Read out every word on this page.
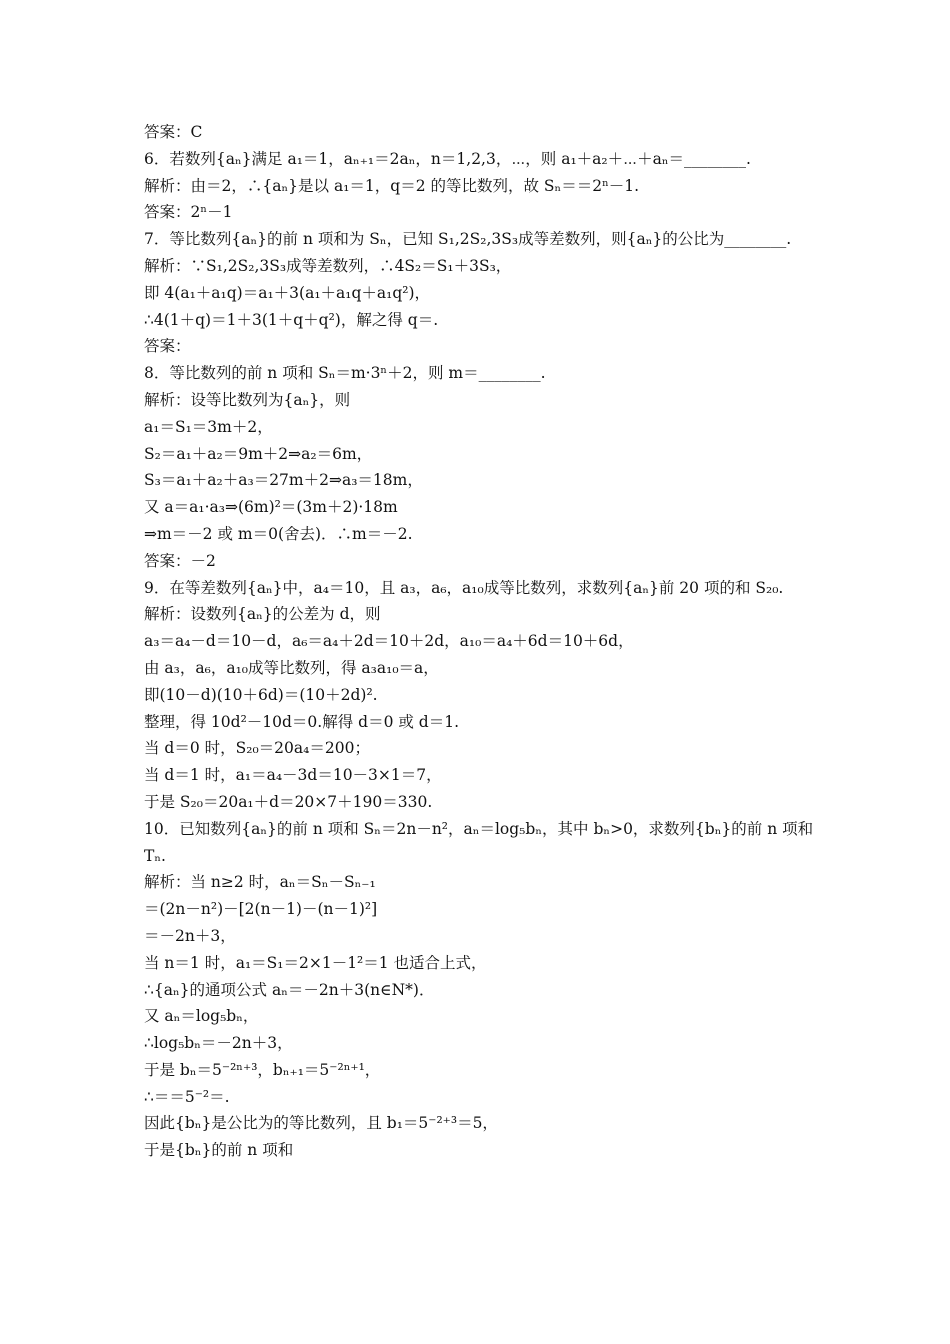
答案：C
6．若数列{aₙ}满足 a₁＝1，aₙ₊₁＝2aₙ，n＝1,2,3，⋯，则 a₁＋a₂＋⋯＋aₙ＝________.
解析：由＝2，∴{aₙ}是以 a₁＝1，q＝2 的等比数列，故 Sₙ＝＝2ⁿ－1.
答案：2ⁿ－1
7．等比数列{aₙ}的前 n 项和为 Sₙ，已知 S₁,2S₂,3S₃成等差数列，则{aₙ}的公比为________.
解析：∵S₁,2S₂,3S₃成等差数列，∴4S₂＝S₁＋3S₃，
即 4(a₁＋a₁q)＝a₁＋3(a₁＋a₁q＋a₁q²)，
∴4(1＋q)＝1＋3(1＋q＋q²)，解之得 q＝.
答案：
8．等比数列的前 n 项和 Sₙ＝m·3ⁿ＋2，则 m＝________.
解析：设等比数列为{aₙ}，则
a₁＝S₁＝3m＋2，
S₂＝a₁＋a₂＝9m＋2⇒a₂＝6m，
S₃＝a₁＋a₂＋a₃＝27m＋2⇒a₃＝18m，
又 a＝a₁·a₃⇒(6m)²＝(3m＋2)·18m
⇒m＝－2 或 m＝0(舍去)．∴m＝－2.
答案：－2
9．在等差数列{aₙ}中，a₄＝10，且 a₃，a₆，a₁₀成等比数列，求数列{aₙ}前 20 项的和 S₂₀.
解析：设数列{aₙ}的公差为 d，则
a₃＝a₄－d＝10－d，a₆＝a₄＋2d＝10＋2d，a₁₀＝a₄＋6d＝10＋6d，
由 a₃，a₆，a₁₀成等比数列，得 a₃a₁₀＝a，
即(10－d)(10＋6d)＝(10＋2d)².
整理，得 10d²－10d＝0.解得 d＝0 或 d＝1.
当 d＝0 时，S₂₀＝20a₄＝200；
当 d＝1 时，a₁＝a₄－3d＝10－3×1＝7，
于是 S₂₀＝20a₁＋d＝20×7＋190＝330.
10．已知数列{aₙ}的前 n 项和 Sₙ＝2n－n²，aₙ＝log₅bₙ，其中 bₙ>0，求数列{bₙ}的前 n 项和
Tₙ.
解析：当 n≥2 时，aₙ＝Sₙ－Sₙ₋₁
＝(2n－n²)－[2(n－1)－(n－1)²]
＝－2n＋3，
当 n＝1 时，a₁＝S₁＝2×1－1²＝1 也适合上式，
∴{aₙ}的通项公式 aₙ＝－2n＋3(n∈N*)．
又 aₙ＝log₅bₙ，
∴log₅bₙ＝－2n＋3，
于是 bₙ＝5⁻²ⁿ⁺³，bₙ₊₁＝5⁻²ⁿ⁺¹，
∴＝＝5⁻²＝.
因此{bₙ}是公比为的等比数列，且 b₁＝5⁻²⁺³＝5，
于是{bₙ}的前 n 项和
